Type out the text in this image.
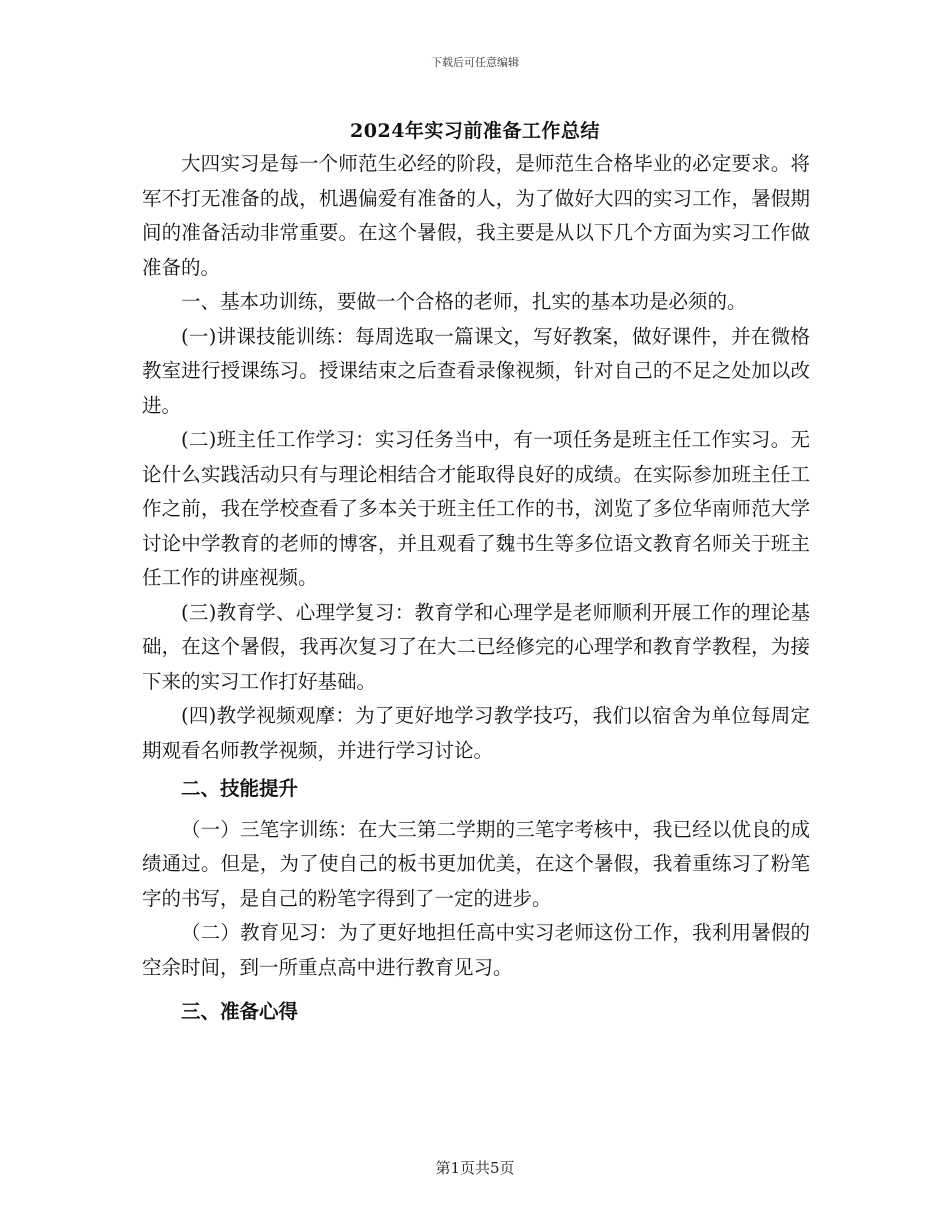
下载后可任意编辑
2024年实习前准备工作总结

大四实习是每一个师范生必经的阶段，是师范生合格毕业的必定要求。将军不打无准备的战，机遇偏爱有准备的人，为了做好大四的实习工作，暑假期间的准备活动非常重要。在这个暑假，我主要是从以下几个方面为实习工作做准备的。

一、基本功训练，要做一个合格的老师，扎实的基本功是必须的。

(一)讲课技能训练：每周选取一篇课文，写好教案，做好课件，并在微格教室进行授课练习。授课结束之后查看录像视频，针对自己的不足之处加以改进。

(二)班主任工作学习：实习任务当中，有一项任务是班主任工作实习。无论什么实践活动只有与理论相结合才能取得良好的成绩。在实际参加班主任工作之前，我在学校查看了多本关于班主任工作的书，浏览了多位华南师范大学讨论中学教育的老师的博客，并且观看了魏书生等多位语文教育名师关于班主任工作的讲座视频。

(三)教育学、心理学复习：教育学和心理学是老师顺利开展工作的理论基础，在这个暑假，我再次复习了在大二已经修完的心理学和教育学教程，为接下来的实习工作打好基础。

(四)教学视频观摩：为了更好地学习教学技巧，我们以宿舍为单位每周定期观看名师教学视频，并进行学习讨论。

二、技能提升

（一）三笔字训练：在大三第二学期的三笔字考核中，我已经以优良的成绩通过。但是，为了使自己的板书更加优美，在这个暑假，我着重练习了粉笔字的书写，是自己的粉笔字得到了一定的进步。

（二）教育见习：为了更好地担任高中实习老师这份工作，我利用暑假的空余时间，到一所重点高中进行教育见习。

三、准备心得

第1页共5页
